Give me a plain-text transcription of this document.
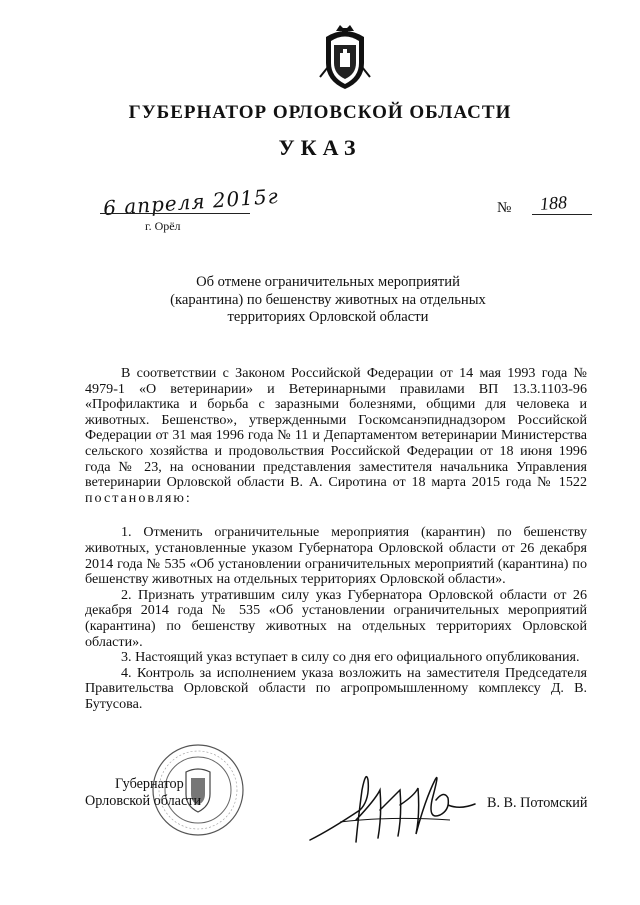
ГУБЕРНАТОР ОРЛОВСКОЙ ОБЛАСТИ
УКАЗ
6 апреля 2015г
г. Орёл
№ 188
Об отмене ограничительных мероприятий
(карантина) по бешенству животных на отдельных
территориях Орловской области

В соответствии с Законом Российской Федерации от 14 мая 1993 года № 4979-1 «О ветеринарии» и Ветеринарными правилами ВП 13.3.1103-96 «Профилактика и борьба с заразными болезнями, общими для человека и животных. Бешенство», утвержденными Госкомсанэпиднадзором Российской Федерации от 31 мая 1996 года № 11 и Департаментом ветеринарии Министерства сельского хозяйства и продовольствия Российской Федерации от 18 июня 1996 года № 23, на основании представления заместителя начальника Управления ветеринарии Орловской области В. А. Сиротина от 18 марта 2015 года № 1522 постановляю:

1. Отменить ограничительные мероприятия (карантин) по бешенству животных, установленные указом Губернатора Орловской области от 26 декабря 2014 года № 535 «Об установлении ограничительных мероприятий (карантина) по бешенству животных на отдельных территориях Орловской области».

2. Признать утратившим силу указ Губернатора Орловской области от 26 декабря 2014 года № 535 «Об установлении ограничительных мероприятий (карантина) по бешенству животных на отдельных территориях Орловской области».

3. Настоящий указ вступает в силу со дня его официального опубликования.

4. Контроль за исполнением указа возложить на заместителя Председателя Правительства Орловской области по агропромышленному комплексу Д. В. Бутусова.

Губернатор
Орловской области	В. В. Потомский
